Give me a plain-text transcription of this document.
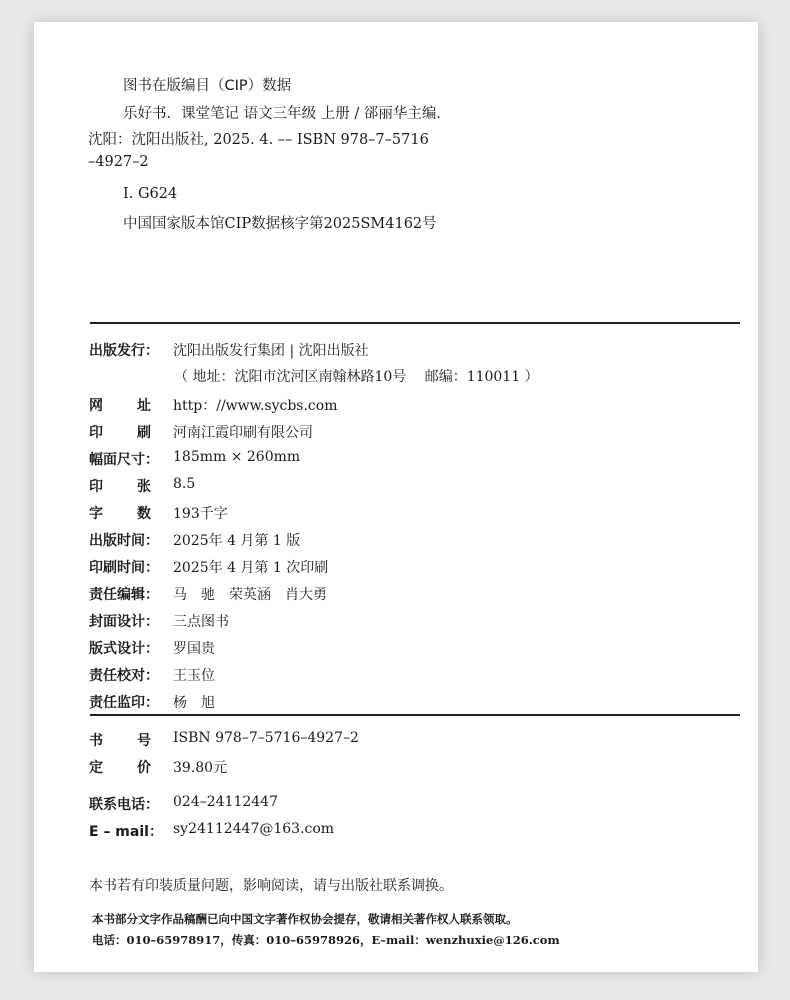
图书在版编目（CIP）数据
乐好书．课堂笔记 语文三年级 上册 / 郤丽华主编．
沈阳：沈阳出版社, 2025. 4. –– ISBN 978–7–5716
–4927–2
Ⅰ. G624
中国国家版本馆CIP数据核字第2025SM4162号
出版发行：	沈阳出版发行集团 | 沈阳出版社
（ 地址：沈阳市沈河区南翰林路10号　 邮编：110011 ）
网 址 http：//www.sycbs.com
印 刷 河南江霞印刷有限公司
幅面尺寸：	185mm × 260mm
印 张 8.5
字 数 193千字
出版时间：	2025年 4 月第 1 版
印刷时间：	2025年 4 月第 1 次印刷
责任编辑：	马　驰　荣英涵　肖大勇
封面设计：	三点图书
版式设计：	罗国贵
责任校对：	王玉位
责任监印：	杨　旭
书 号 ISBN 978–7–5716–4927–2
定 价 39.80元
联系电话：	024–24112447
E – mail： sy24112447@163.com
本书若有印装质量问题，影响阅读，请与出版社联系调换。
本书部分文字作品稿酬已向中国文字著作权协会提存，敬请相关著作权人联系领取。
电话：010–65978917，传真：010–65978926，E–mail：wenzhuxie@126.com
